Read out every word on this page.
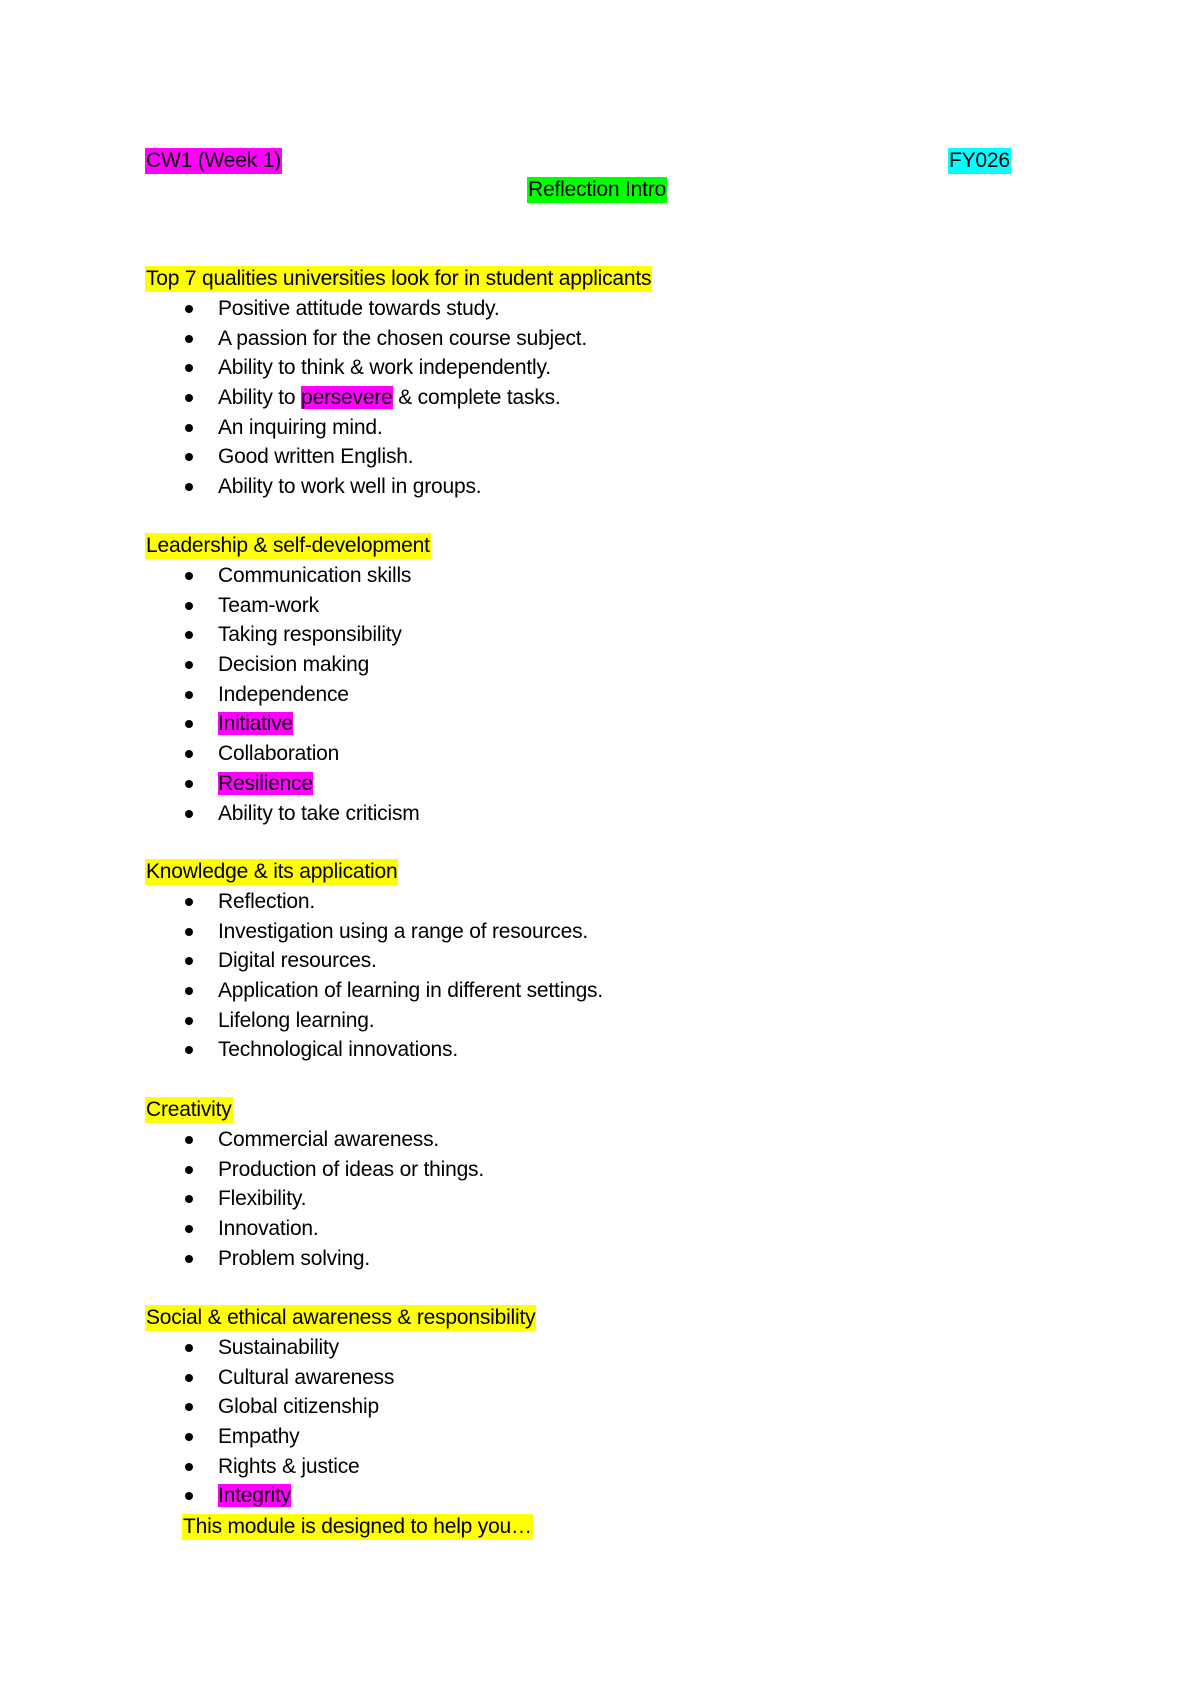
CW1 (Week 1)	FY026
Reflection Intro
Top 7 qualities universities look for in student applicants
Positive attitude towards study.
A passion for the chosen course subject.
Ability to think & work independently.
Ability to persevere & complete tasks.
An inquiring mind.
Good written English.
Ability to work well in groups.
Leadership & self-development
Communication skills
Team-work
Taking responsibility
Decision making
Independence
Initiative
Collaboration
Resilience
Ability to take criticism
Knowledge & its application
Reflection.
Investigation using a range of resources.
Digital resources.
Application of learning in different settings.
Lifelong learning.
Technological innovations.
Creativity
Commercial awareness.
Production of ideas or things.
Flexibility.
Innovation.
Problem solving.
Social & ethical awareness & responsibility
Sustainability
Cultural awareness
Global citizenship
Empathy
Rights & justice
Integrity
This module is designed to help you…
